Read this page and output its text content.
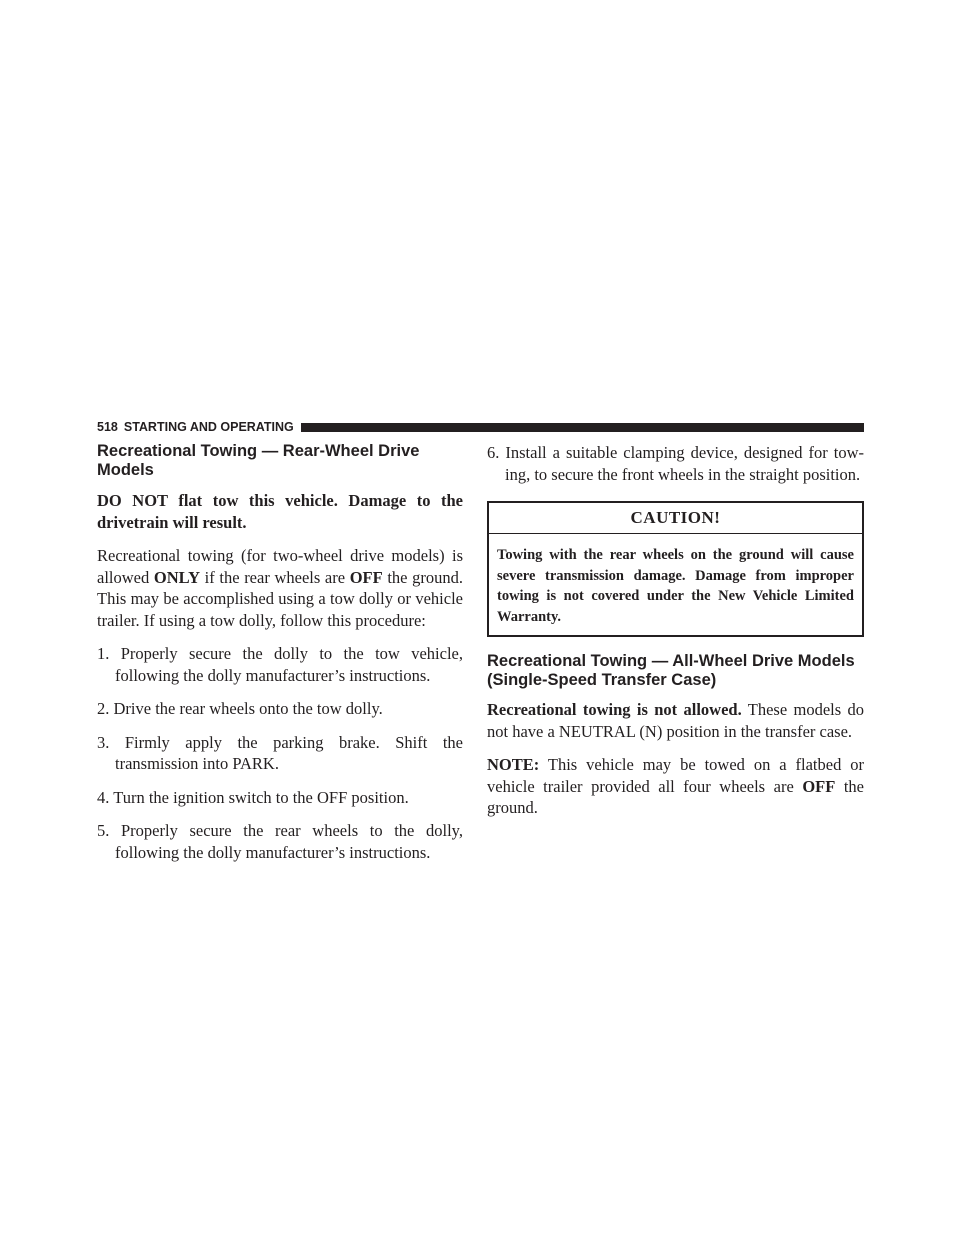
518 STARTING AND OPERATING
Recreational Towing — Rear-Wheel Drive Models

DO NOT flat tow this vehicle. Damage to the drivetrain will result.

Recreational towing (for two-wheel drive models) is allowed ONLY if the rear wheels are OFF the ground. This may be accomplished using a tow dolly or vehicle trailer. If using a tow dolly, follow this procedure:

1. Properly secure the dolly to the tow vehicle, following the dolly manufacturer’s instructions.
2. Drive the rear wheels onto the tow dolly.
3. Firmly apply the parking brake. Shift the transmission into PARK.
4. Turn the ignition switch to the OFF position.
5. Properly secure the rear wheels to the dolly, following the dolly manufacturer’s instructions.
6. Install a suitable clamping device, designed for tow-ing, to secure the front wheels in the straight position.
CAUTION!
Towing with the rear wheels on the ground will cause severe transmission damage. Damage from improper towing is not covered under the New Vehicle Limited Warranty.
Recreational Towing — All-Wheel Drive Models (Single-Speed Transfer Case)

Recreational towing is not allowed. These models do not have a NEUTRAL (N) position in the transfer case.

NOTE: This vehicle may be towed on a flatbed or vehicle trailer provided all four wheels are OFF the ground.
